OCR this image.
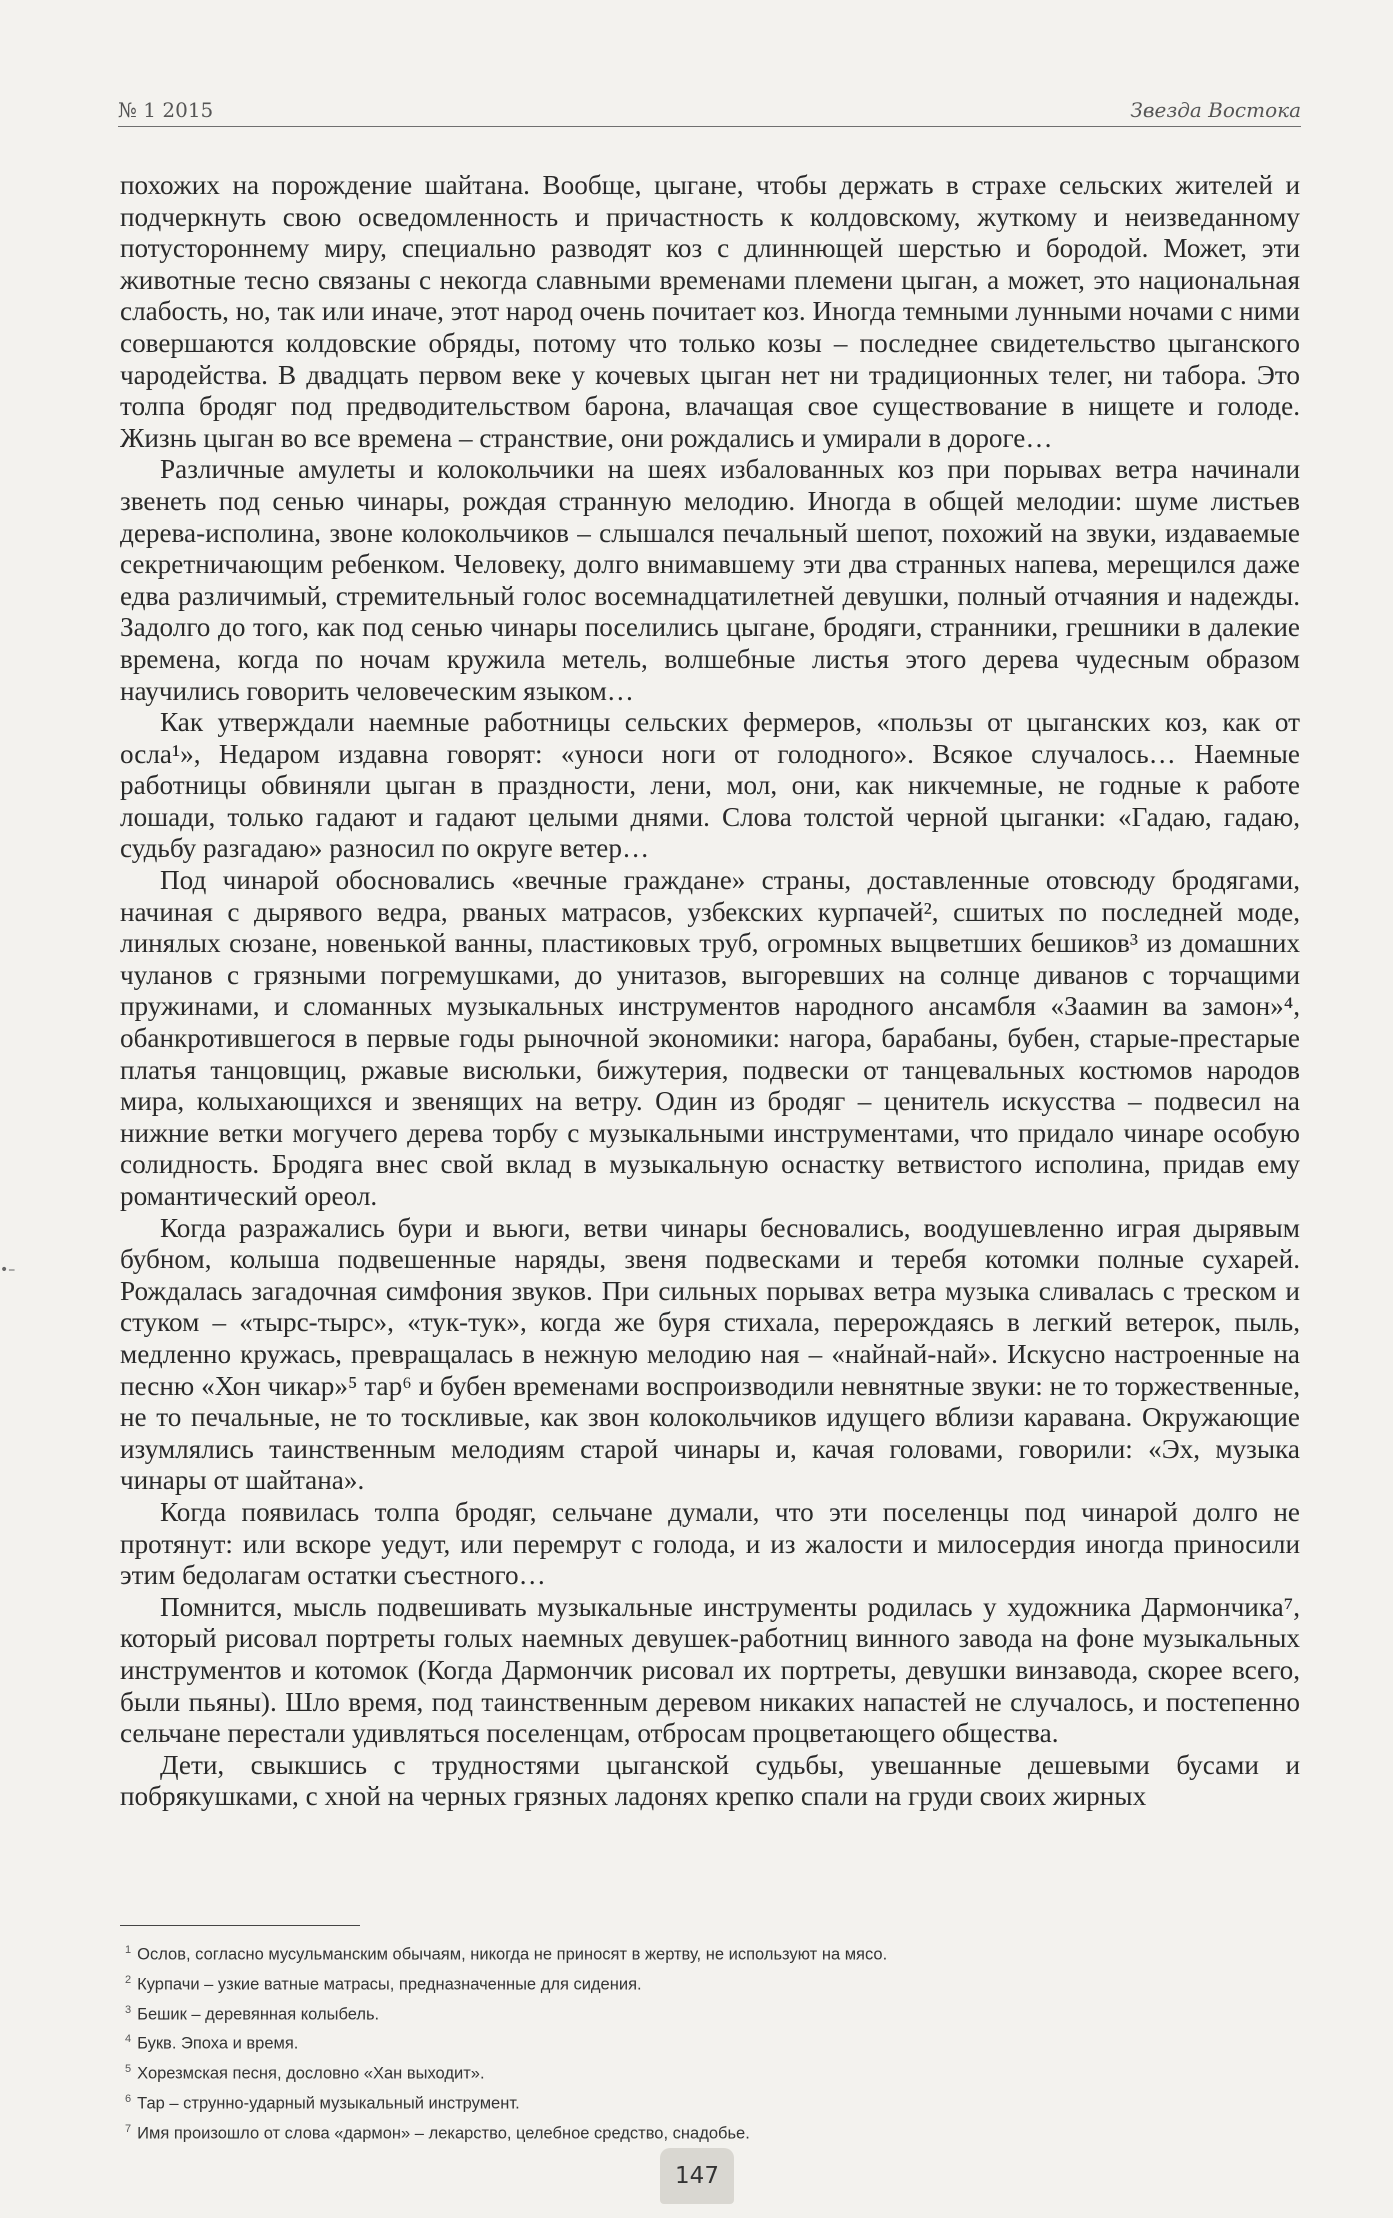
№ 1 2015	Звезда Востока
•–

похожих на порождение шайтана. Вообще, цыгане, чтобы держать в страхе сельских жителей и подчеркнуть свою осведомленность и причастность к колдовскому, жуткому и неизведанному потустороннему миру, специально разводят коз с длиннющей шерстью и бородой. Может, эти животные тесно связаны с некогда славными временами племени цыган, а может, это национальная слабость, но, так или иначе, этот народ очень почитает коз. Иногда темными лунными ночами с ними совершаются колдовские обряды, потому что только козы – последнее свидетельство цыганского чародейства. В двадцать первом веке у кочевых цыган нет ни традиционных телег, ни табора. Это толпа бродяг под предводительством барона, влачащая свое существование в нищете и голоде. Жизнь цыган во все времена – странствие, они рождались и умирали в дороге…

Различные амулеты и колокольчики на шеях избалованных коз при порывах ветра начинали звенеть под сенью чинары, рождая странную мелодию. Иногда в общей мелодии: шуме листьев дерева-исполина, звоне колокольчиков – слышался печальный шепот, похожий на звуки, издаваемые секретничающим ребенком. Человеку, долго внимавшему эти два странных напева, мерещился даже едва различимый, стремительный голос восемнадцатилетней девушки, полный отчаяния и надежды. Задолго до того, как под сенью чинары поселились цыгане, бродяги, странники, грешники в далекие времена, когда по ночам кружила метель, волшебные листья этого дерева чудесным образом научились говорить человеческим языком…

Как утверждали наемные работницы сельских фермеров, «пользы от цыганских коз, как от осла¹», Недаром издавна говорят: «уноси ноги от голодного». Всякое случалось… Наемные работницы обвиняли цыган в праздности, лени, мол, они, как никчемные, не годные к работе лошади, только гадают и гадают целыми днями. Слова толстой черной цыганки: «Гадаю, гадаю, судьбу разгадаю» разносил по округе ветер…

Под чинарой обосновались «вечные граждане» страны, доставленные отовсюду бродягами, начиная с дырявого ведра, рваных матрасов, узбекских курпачей², сшитых по последней моде, линялых сюзане, новенькой ванны, пластиковых труб, огромных выцветших бешиков³ из домашних чуланов с грязными погремушками, до унитазов, выгоревших на солнце диванов с торчащими пружинами, и сломанных музыкальных инструментов народного ансамбля «Заамин ва замон»⁴, обанкротившегося в первые годы рыночной экономики: нагора, барабаны, бубен, старые-престарые платья танцовщиц, ржавые висюльки, бижутерия, подвески от танцевальных костюмов народов мира, колыхающихся и звенящих на ветру. Один из бродяг – ценитель искусства – подвесил на нижние ветки могучего дерева торбу с музыкальными инструментами, что придало чинаре особую солидность. Бродяга внес свой вклад в музыкальную оснастку ветвистого исполина, придав ему романтический ореол.

Когда разражались бури и вьюги, ветви чинары бесновались, воодушевленно играя дырявым бубном, колыша подвешенные наряды, звеня подвесками и теребя котомки полные сухарей. Рождалась загадочная симфония звуков. При сильных порывах ветра музыка сливалась с треском и стуком – «тырс-тырс», «тук-тук», когда же буря стихала, перерождаясь в легкий ветерок, пыль, медленно кружась, превращалась в нежную мелодию ная – «найнай-най». Искусно настроенные на песню «Хон чикар»⁵ тар⁶ и бубен временами воспроизводили невнятные звуки: не то торжественные, не то печальные, не то тоскливые, как звон колокольчиков идущего вблизи каравана. Окружающие изумлялись таинственным мелодиям старой чинары и, качая головами, говорили: «Эх, музыка чинары от шайтана».

Когда появилась толпа бродяг, сельчане думали, что эти поселенцы под чинарой долго не протянут: или вскоре уедут, или перемрут с голода, и из жалости и милосердия иногда приносили этим бедолагам остатки съестного…

Помнится, мысль подвешивать музыкальные инструменты родилась у художника Дармончика⁷, который рисовал портреты голых наемных девушек-работниц винного завода на фоне музыкальных инструментов и котомок (Когда Дармончик рисовал их портреты, девушки винзавода, скорее всего, были пьяны). Шло время, под таинственным деревом никаких напастей не случалось, и постепенно сельчане перестали удивляться поселенцам, отбросам процветающего общества.

Дети, свыкшись с трудностями цыганской судьбы, увешанные дешевыми бусами и побрякушками, с хной на черных грязных ладонях крепко спали на груди своих жирных

$^1$ Ослов, согласно мусульманским обычаям, никогда не приносят в жертву, не используют на мясо.
$^2$ Курпачи – узкие ватные матрасы, предназначенные для сидения.
$^3$ Бешик – деревянная колыбель.
$^4$ Букв. Эпоха и время.
$^5$ Хорезмская песня, дословно «Хан выходит».
$^6$ Тар – струнно-ударный музыкальный инструмент.
$^7$ Имя произошло от слова «дармон» – лекарство, целебное средство, снадобье.
147
